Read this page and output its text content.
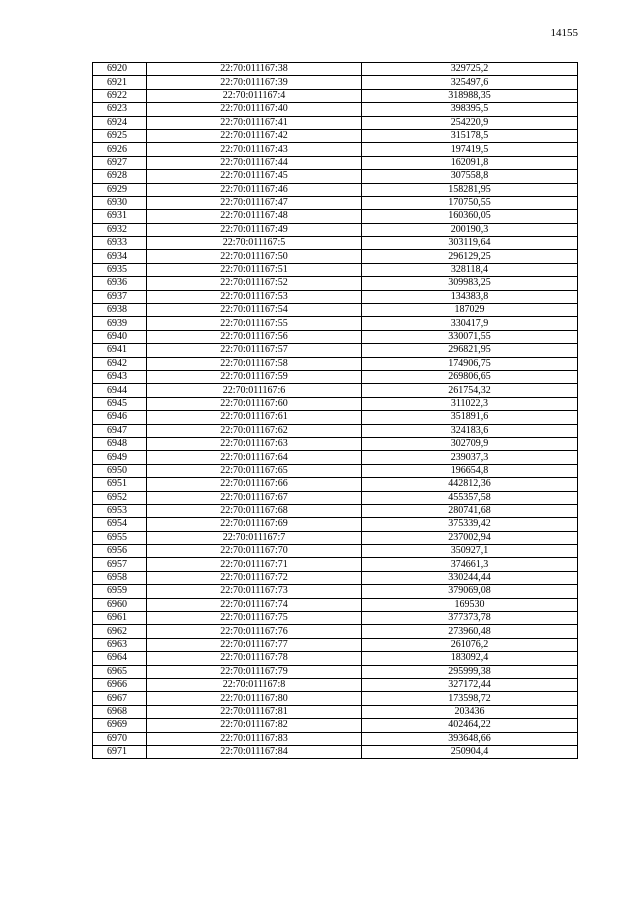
14155
6920	22:70:011167:38	329725,2
6921	22:70:011167:39	325497,6
6922	22:70:011167:4	318988,35
6923	22:70:011167:40	398395,5
6924	22:70:011167:41	254220,9
6925	22:70:011167:42	315178,5
6926	22:70:011167:43	197419,5
6927	22:70:011167:44	162091,8
6928	22:70:011167:45	307558,8
6929	22:70:011167:46	158281,95
6930	22:70:011167:47	170750,55
6931	22:70:011167:48	160360,05
6932	22:70:011167:49	200190,3
6933	22:70:011167:5	303119,64
6934	22:70:011167:50	296129,25
6935	22:70:011167:51	328118,4
6936	22:70:011167:52	309983,25
6937	22:70:011167:53	134383,8
6938	22:70:011167:54	187029
6939	22:70:011167:55	330417,9
6940	22:70:011167:56	330071,55
6941	22:70:011167:57	296821,95
6942	22:70:011167:58	174906,75
6943	22:70:011167:59	269806,65
6944	22:70:011167:6	261754,32
6945	22:70:011167:60	311022,3
6946	22:70:011167:61	351891,6
6947	22:70:011167:62	324183,6
6948	22:70:011167:63	302709,9
6949	22:70:011167:64	239037,3
6950	22:70:011167:65	196654,8
6951	22:70:011167:66	442812,36
6952	22:70:011167:67	455357,58
6953	22:70:011167:68	280741,68
6954	22:70:011167:69	375339,42
6955	22:70:011167:7	237002,94
6956	22:70:011167:70	350927,1
6957	22:70:011167:71	374661,3
6958	22:70:011167:72	330244,44
6959	22:70:011167:73	379069,08
6960	22:70:011167:74	169530
6961	22:70:011167:75	377373,78
6962	22:70:011167:76	273960,48
6963	22:70:011167:77	261076,2
6964	22:70:011167:78	183092,4
6965	22:70:011167:79	295999,38
6966	22:70:011167:8	327172,44
6967	22:70:011167:80	173598,72
6968	22:70:011167:81	203436
6969	22:70:011167:82	402464,22
6970	22:70:011167:83	393648,66
6971	22:70:011167:84	250904,4
